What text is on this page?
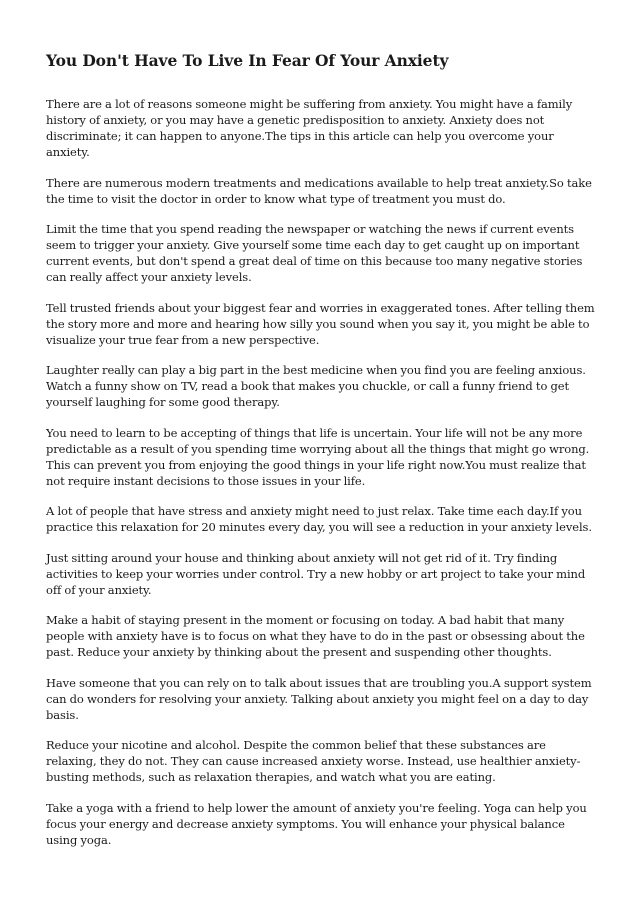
You Don't Have To Live In Fear Of Your Anxiety

There are a lot of reasons someone might be suffering from anxiety. You might have a family history of anxiety, or you may have a genetic predisposition to anxiety. Anxiety does not discriminate; it can happen to anyone.The tips in this article can help you overcome your anxiety.

There are numerous modern treatments and medications available to help treat anxiety.So take the time to visit the doctor in order to know what type of treatment you must do.

Limit the time that you spend reading the newspaper or watching the news if current events seem to trigger your anxiety. Give yourself some time each day to get caught up on important current events, but don't spend a great deal of time on this because too many negative stories can really affect your anxiety levels.

Tell trusted friends about your biggest fear and worries in exaggerated tones. After telling them the story more and more and hearing how silly you sound when you say it, you might be able to visualize your true fear from a new perspective.

Laughter really can play a big part in the best medicine when you find you are feeling anxious. Watch a funny show on TV, read a book that makes you chuckle, or call a funny friend to get yourself laughing for some good therapy.

You need to learn to be accepting of things that life is uncertain. Your life will not be any more predictable as a result of you spending time worrying about all the things that might go wrong. This can prevent you from enjoying the good things in your life right now.You must realize that not require instant decisions to those issues in your life.

A lot of people that have stress and anxiety might need to just relax. Take time each day.If you practice this relaxation for 20 minutes every day, you will see a reduction in your anxiety levels.

Just sitting around your house and thinking about anxiety will not get rid of it. Try finding activities to keep your worries under control. Try a new hobby or art project to take your mind off of your anxiety.

Make a habit of staying present in the moment or focusing on today. A bad habit that many people with anxiety have is to focus on what they have to do in the past or obsessing about the past. Reduce your anxiety by thinking about the present and suspending other thoughts.

Have someone that you can rely on to talk about issues that are troubling you.A support system can do wonders for resolving your anxiety. Talking about anxiety you might feel on a day to day basis.

Reduce your nicotine and alcohol. Despite the common belief that these substances are relaxing, they do not. They can cause increased anxiety worse. Instead, use healthier anxiety-busting methods, such as relaxation therapies, and watch what you are eating.

Take a yoga with a friend to help lower the amount of anxiety you're feeling. Yoga can help you focus your energy and decrease anxiety symptoms. You will enhance your physical balance using yoga.
